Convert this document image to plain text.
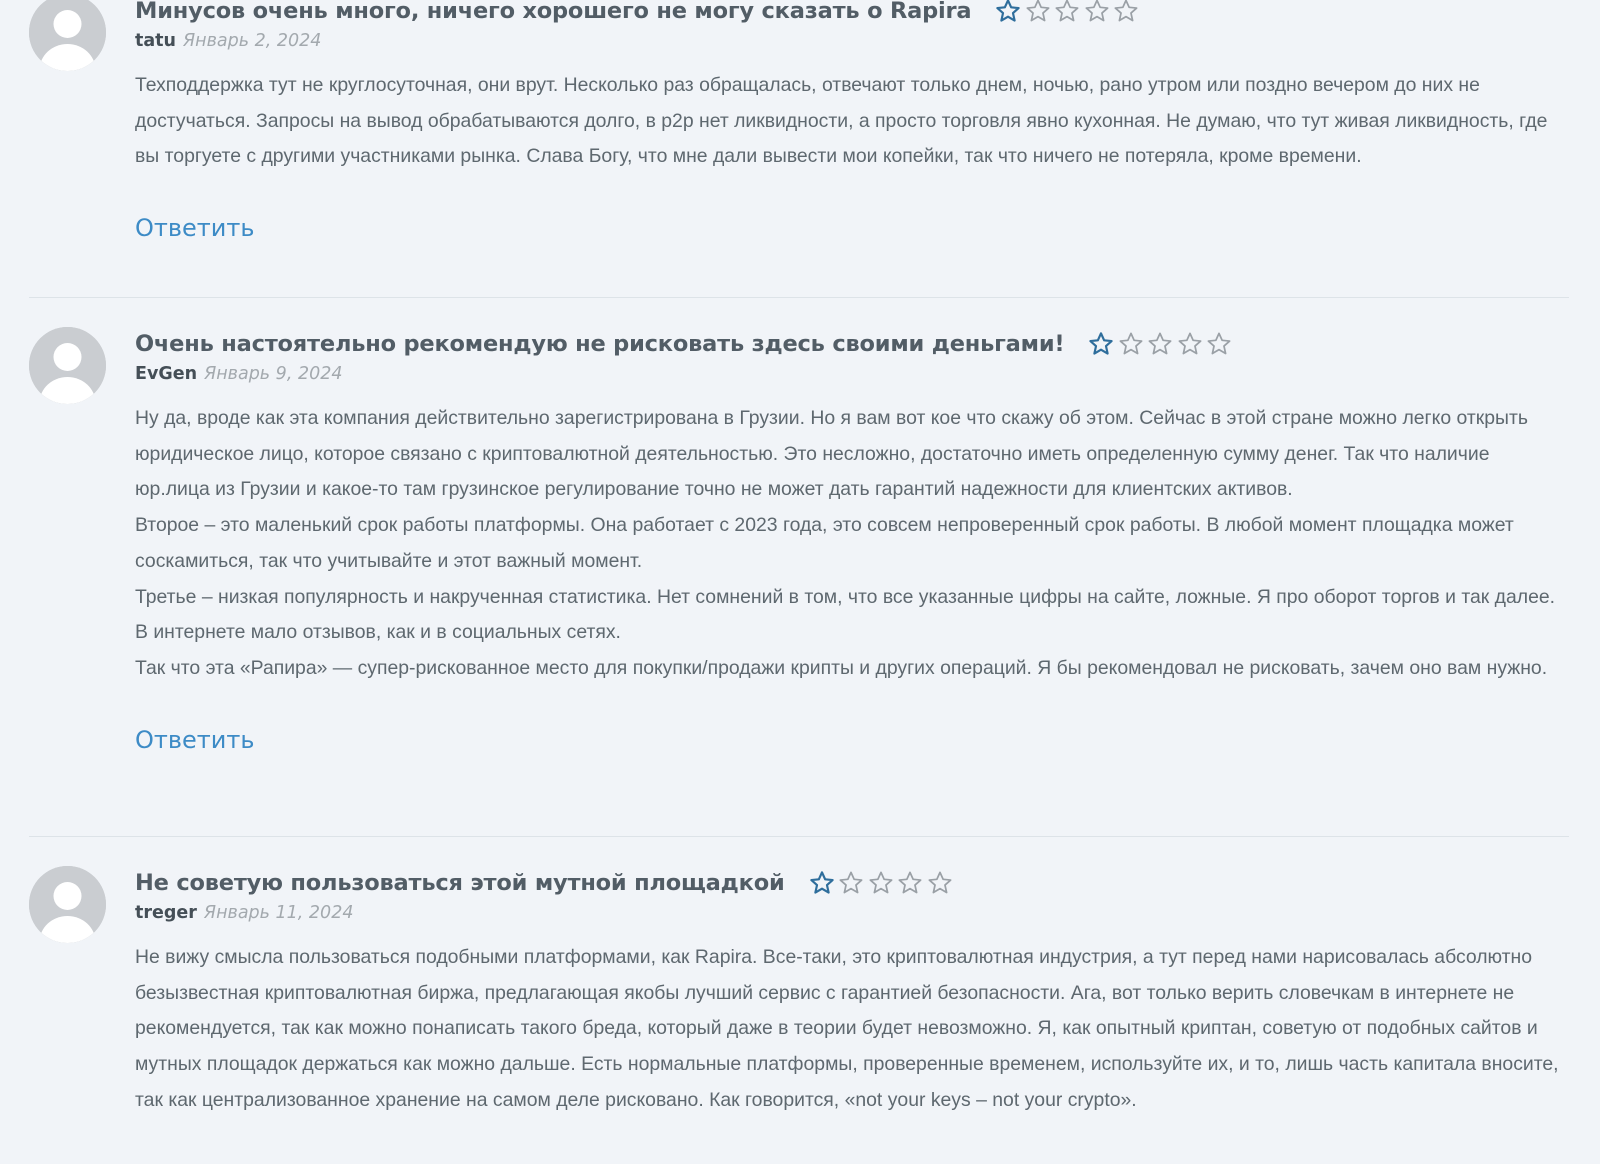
Минусов очень много, ничего хорошего не могу сказать о Rapira
tatu Январь 2, 2024

Техподдержка тут не круглосуточная, они врут. Несколько раз обращалась, отвечают только днем, ночью, рано утром или поздно вечером до них не достучаться. Запросы на вывод обрабатываются долго, в p2p нет ликвидности, а просто торговля явно кухонная. Не думаю, что тут живая ликвидность, где вы торгуете с другими участниками рынка. Слава Богу, что мне дали вывести мои копейки, так что ничего не потеряла, кроме времени.

Ответить
Очень настоятельно рекомендую не рисковать здесь своими деньгами!
EvGen Январь 9, 2024

Ну да, вроде как эта компания действительно зарегистрирована в Грузии. Но я вам вот кое что скажу об этом. Сейчас в этой стране можно легко открыть юридическое лицо, которое связано с криптовалютной деятельностью. Это несложно, достаточно иметь определенную сумму денег. Так что наличие юр.лица из Грузии и какое-то там грузинское регулирование точно не может дать гарантий надежности для клиентских активов.

Второе – это маленький срок работы платформы. Она работает с 2023 года, это совсем непроверенный срок работы. В любой момент площадка может соскамиться, так что учитывайте и этот важный момент.

Третье – низкая популярность и накрученная статистика. Нет сомнений в том, что все указанные цифры на сайте, ложные. Я про оборот торгов и так далее. В интернете мало отзывов, как и в социальных сетях.

Так что эта «Рапира» — супер-рискованное место для покупки/продажи крипты и других операций. Я бы рекомендовал не рисковать, зачем оно вам нужно.

Ответить
Не советую пользоваться этой мутной площадкой
treger Январь 11, 2024

Не вижу смысла пользоваться подобными платформами, как Rapira. Все-таки, это криптовалютная индустрия, а тут перед нами нарисовалась абсолютно безызвестная криптовалютная биржа, предлагающая якобы лучший сервис с гарантией безопасности. Ага, вот только верить словечкам в интернете не рекомендуется, так как можно понаписать такого бреда, который даже в теории будет невозможно. Я, как опытный криптан, советую от подобных сайтов и мутных площадок держаться как можно дальше. Есть нормальные платформы, проверенные временем, используйте их, и то, лишь часть капитала вносите, так как централизованное хранение на самом деле рисковано. Как говорится, «not your keys – not your crypto».
